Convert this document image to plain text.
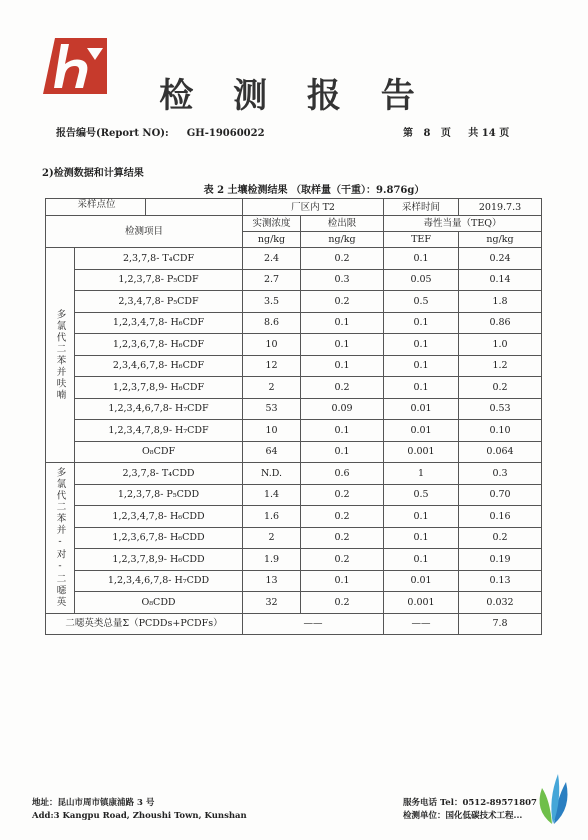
检 测 报 告
报告编号(Report NO): GH-19060022	第 8 页 共 14 页
2)检测数据和计算结果
表 2 土壤检测结果 （取样量（干重）：9.876g）
采样点位		厂区内 T2		采样时间	2019.7.3
检测项目		实测浓度	检出限	毒性当量（TEQ）	
		ng/kg	ng/kg	TEF	ng/kg

多氯代二苯并呋喃	2,3,7,8- T₄CDF	2.4	0.2	0.1	0.24
	1,2,3,7,8- P₅CDF	2.7	0.3	0.05	0.14
	2,3,4,7,8- P₅CDF	3.5	0.2	0.5	1.8
	1,2,3,4,7,8- H₆CDF	8.6	0.1	0.1	0.86
	1,2,3,6,7,8- H₆CDF	10	0.1	0.1	1.0
	2,3,4,6,7,8- H₆CDF	12	0.1	0.1	1.2
	1,2,3,7,8,9- H₆CDF	2	0.2	0.1	0.2
	1,2,3,4,6,7,8- H₇CDF	53	0.09	0.01	0.53
	1,2,3,4,7,8,9- H₇CDF	10	0.1	0.01	0.10
	O₈CDF	64	0.1	0.001	0.064

多氯代二苯并-对-二噁英	2,3,7,8- T₄CDD	N.D.	0.6	1	0.3
	1,2,3,7,8- P₅CDD	1.4	0.2	0.5	0.70
	1,2,3,4,7,8- H₆CDD	1.6	0.2	0.1	0.16
	1,2,3,6,7,8- H₆CDD	2	0.2	0.1	0.2
	1,2,3,7,8,9- H₆CDD	1.9	0.2	0.1	0.19
	1,2,3,4,6,7,8- H₇CDD	13	0.1	0.01	0.13
	O₈CDD	32	0.2	0.001	0.032
二噁英类总量Σ（PCDDs+PCDFs）		——		——	7.8
地址：昆山市周市镇康浦路 3 号
Add:3 Kangpu Road, Zhoushi Town, Kunshan
服务电话 Tel：0512-89571807
检测单位：国化低碳技术工程...
